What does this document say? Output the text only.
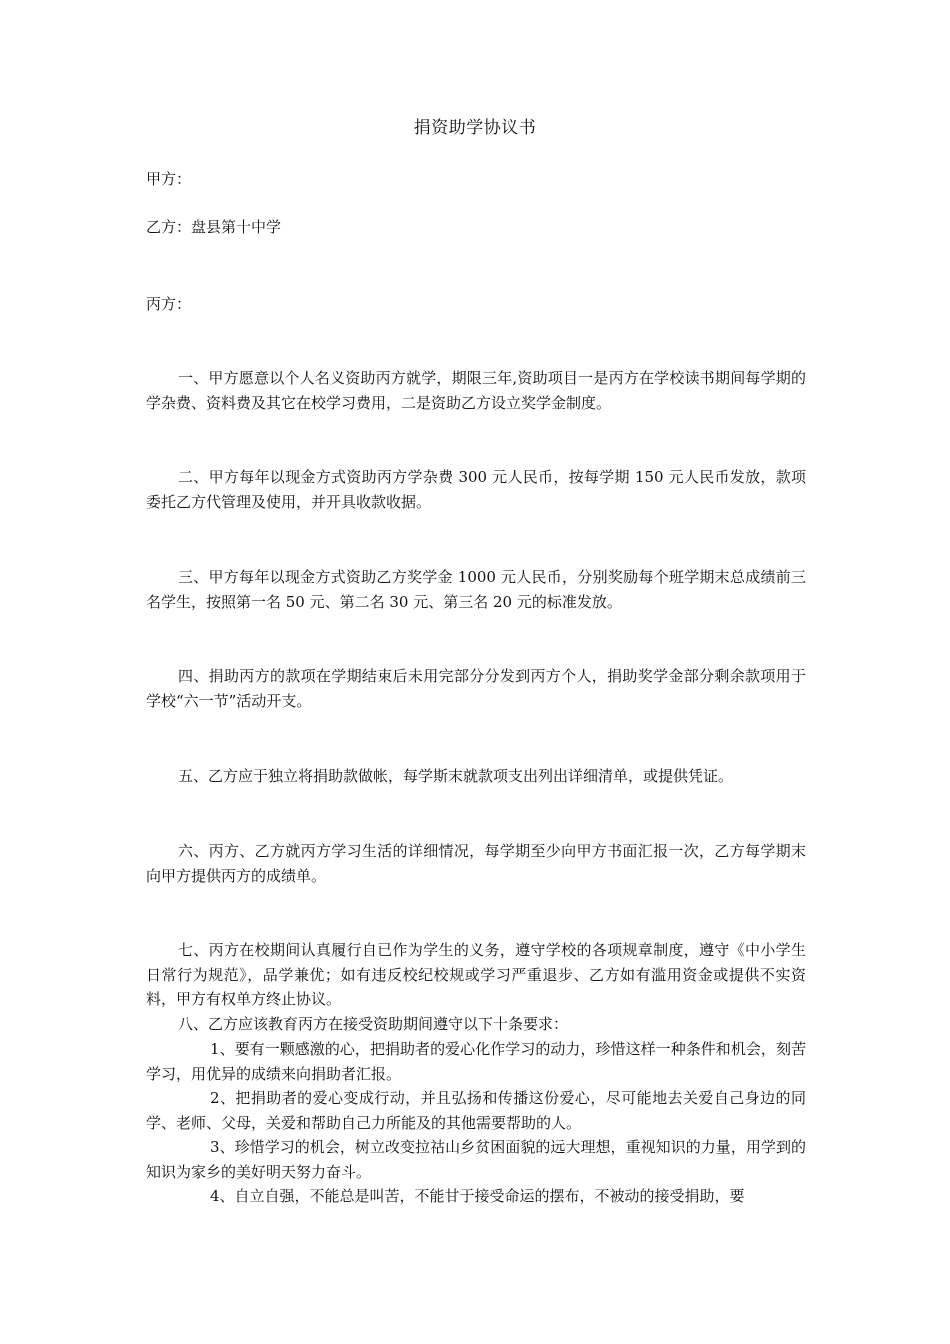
捐资助学协议书
甲方：
乙方：盘县第十中学
丙方：
一、甲方愿意以个人名义资助丙方就学，期限三年,资助项目一是丙方在学校读书期间每学期的学杂费、资料费及其它在校学习费用，二是资助乙方设立奖学金制度。
二、甲方每年以现金方式资助丙方学杂费 300 元人民币，按每学期 150 元人民币发放，款项委托乙方代管理及使用，并开具收款收据。
三、甲方每年以现金方式资助乙方奖学金 1000 元人民币，分别奖励每个班学期末总成绩前三名学生，按照第一名 50 元、第二名 30 元、第三名 20 元的标准发放。
四、捐助丙方的款项在学期结束后未用完部分分发到丙方个人，捐助奖学金部分剩余款项用于学校“六一节”活动开支。
五、乙方应于独立将捐助款做帐，每学斯末就款项支出列出详细清单，或提供凭证。
六、丙方、乙方就丙方学习生活的详细情况，每学期至少向甲方书面汇报一次，乙方每学期末向甲方提供丙方的成绩单。
七、丙方在校期间认真履行自已作为学生的义务，遵守学校的各项规章制度，遵守《中小学生日常行为规范》，品学兼优；如有违反校纪校规或学习严重退步、乙方如有滥用资金或提供不实资料，甲方有权单方终止协议。
八、乙方应该教育丙方在接受资助期间遵守以下十条要求：
1、要有一颗感激的心，把捐助者的爱心化作学习的动力，珍惜这样一种条件和机会，刻苦学习，用优异的成绩来向捐助者汇报。
2、把捐助者的爱心变成行动，并且弘扬和传播这份爱心，尽可能地去关爱自己身边的同学、老师、父母，关爱和帮助自己力所能及的其他需要帮助的人。
3、珍惜学习的机会，树立改变拉祜山乡贫困面貌的远大理想，重视知识的力量，用学到的知识为家乡的美好明天努力奋斗。
4、自立自强，不能总是叫苦，不能甘于接受命运的摆布，不被动的接受捐助，要
